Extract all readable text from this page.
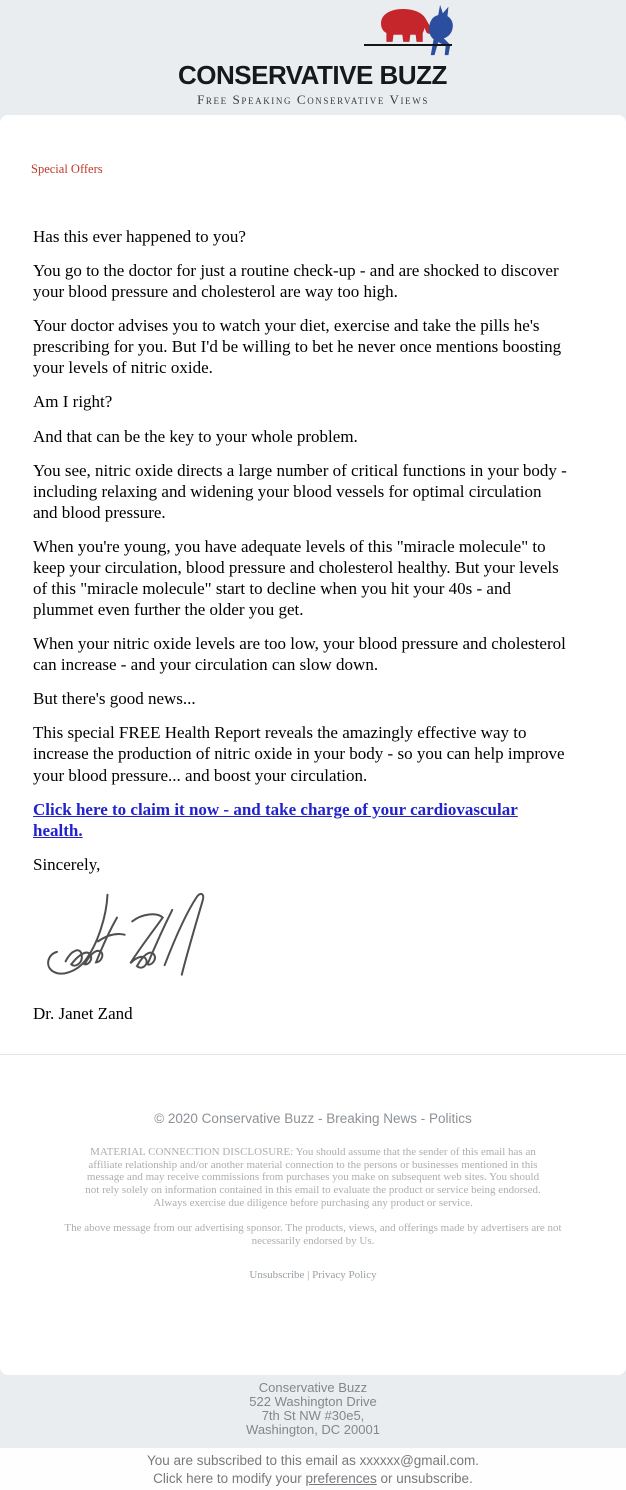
CONSERVATIVE BUZZ
Free Speaking Conservative Views
Special Offers

Has this ever happened to you?

You go to the doctor for just a routine check-up - and are shocked to discover your blood pressure and cholesterol are way too high.

Your doctor advises you to watch your diet, exercise and take the pills he's prescribing for you. But I'd be willing to bet he never once mentions boosting your levels of nitric oxide.

Am I right?

And that can be the key to your whole problem.

You see, nitric oxide directs a large number of critical functions in your body - including relaxing and widening your blood vessels for optimal circulation and blood pressure.

When you're young, you have adequate levels of this "miracle molecule" to keep your circulation, blood pressure and cholesterol healthy. But your levels of this "miracle molecule" start to decline when you hit your 40s - and plummet even further the older you get.

When your nitric oxide levels are too low, your blood pressure and cholesterol can increase - and your circulation can slow down.

But there's good news...

This special FREE Health Report reveals the amazingly effective way to increase the production of nitric oxide in your body - so you can help improve your blood pressure... and boost your circulation.

Click here to claim it now - and take charge of your cardiovascular health.

Sincerely,

Dr. Janet Zand

© 2020 Conservative Buzz - Breaking News - Politics
MATERIAL CONNECTION DISCLOSURE: You should assume that the sender of this email has an affiliate relationship and/or another material connection to the persons or businesses mentioned in this message and may receive commissions from purchases you make on subsequent web sites. You should not rely solely on information contained in this email to evaluate the product or service being endorsed. Always exercise due diligence before purchasing any product or service.
The above message from our advertising sponsor. The products, views, and offerings made by advertisers are not necessarily endorsed by Us.
Unsubscribe | Privacy Policy
Conservative Buzz
522 Washington Drive
7th St NW #30e5,
Washington, DC 20001
You are subscribed to this email as xxxxxx@gmail.com.
Click here to modify your preferences or unsubscribe.
